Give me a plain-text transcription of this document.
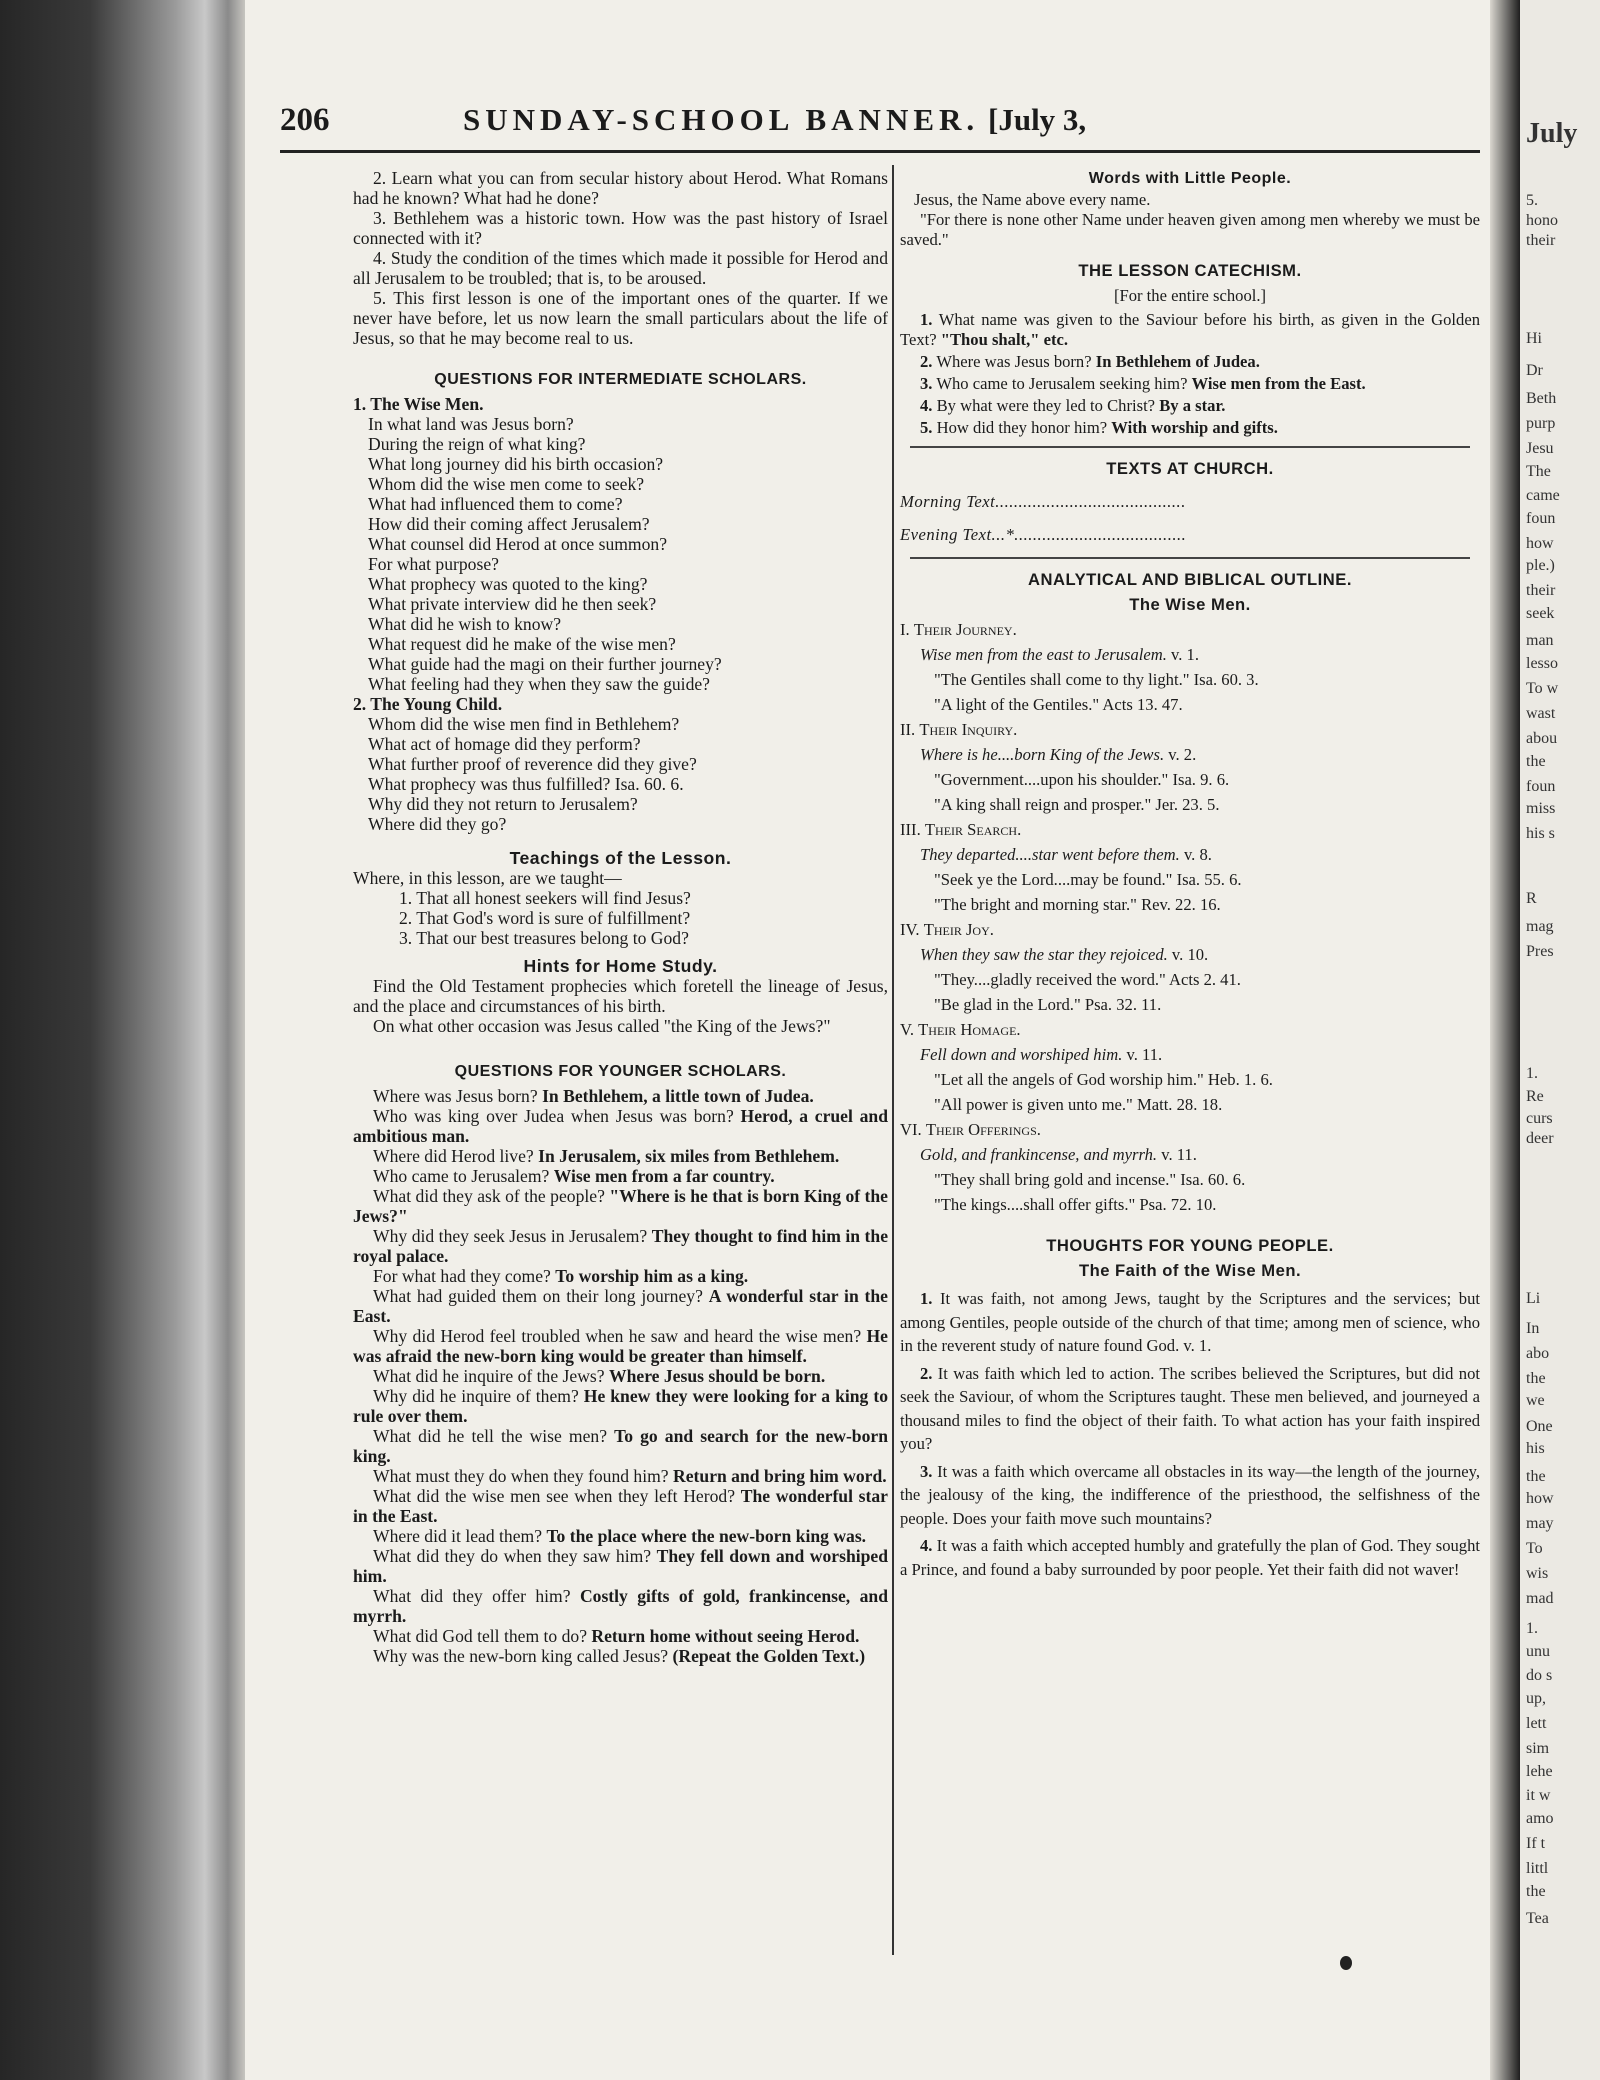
206	SUNDAY-SCHOOL BANNER. [July 3,

2. Learn what you can from secular history about Herod. What Romans had he known? What had he done?

3. Bethlehem was a historic town. How was the past history of Israel connected with it?

4. Study the condition of the times which made it possible for Herod and all Jerusalem to be troubled; that is, to be aroused.

5. This first lesson is one of the important ones of the quarter. If we never have before, let us now learn the small particulars about the life of Jesus, so that he may become real to us.

QUESTIONS FOR INTERMEDIATE SCHOLARS.

1. The Wise Men.

In what land was Jesus born?

During the reign of what king?

What long journey did his birth occasion?

Whom did the wise men come to seek?

What had influenced them to come?

How did their coming affect Jerusalem?

What counsel did Herod at once summon?

For what purpose?

What prophecy was quoted to the king?

What private interview did he then seek?

What did he wish to know?

What request did he make of the wise men?

What guide had the magi on their further journey?

What feeling had they when they saw the guide?

2. The Young Child.

Whom did the wise men find in Bethlehem?

What act of homage did they perform?

What further proof of reverence did they give?

What prophecy was thus fulfilled? Isa. 60. 6.

Why did they not return to Jerusalem?

Where did they go?

Teachings of the Lesson.

Where, in this lesson, are we taught—

1. That all honest seekers will find Jesus?

2. That God's word is sure of fulfillment?

3. That our best treasures belong to God?

Hints for Home Study.

Find the Old Testament prophecies which foretell the lineage of Jesus, and the place and circumstances of his birth.

On what other occasion was Jesus called "the King of the Jews?"

QUESTIONS FOR YOUNGER SCHOLARS.

Where was Jesus born? In Bethlehem, a little town of Judea.

Who was king over Judea when Jesus was born? Herod, a cruel and ambitious man.

Where did Herod live? In Jerusalem, six miles from Bethlehem.

Who came to Jerusalem? Wise men from a far country.

What did they ask of the people? "Where is he that is born King of the Jews?"

Why did they seek Jesus in Jerusalem? They thought to find him in the royal palace.

For what had they come? To worship him as a king.

What had guided them on their long journey? A wonderful star in the East.

Why did Herod feel troubled when he saw and heard the wise men? He was afraid the new-born king would be greater than himself.

What did he inquire of the Jews? Where Jesus should be born.

Why did he inquire of them? He knew they were looking for a king to rule over them.

What did he tell the wise men? To go and search for the new-born king.

What must they do when they found him? Return and bring him word.

What did the wise men see when they left Herod? The wonderful star in the East.

Where did it lead them? To the place where the new-born king was.

What did they do when they saw him? They fell down and worshiped him.

What did they offer him? Costly gifts of gold, frankincense, and myrrh.

What did God tell them to do? Return home without seeing Herod.

Why was the new-born king called Jesus? (Repeat the Golden Text.)

Words with Little People.

Jesus, the Name above every name.

"For there is none other Name under heaven given among men whereby we must be saved."

THE LESSON CATECHISM.

[For the entire school.]

1. What name was given to the Saviour before his birth, as given in the Golden Text? "Thou shalt," etc.

2. Where was Jesus born? In Bethlehem of Judea.

3. Who came to Jerusalem seeking him? Wise men from the East.

4. By what were they led to Christ? By a star.

5. How did they honor him? With worship and gifts.

TEXTS AT CHURCH.

Morning Text.........................................

Evening Text...*.....................................

ANALYTICAL AND BIBLICAL OUTLINE.

The Wise Men.

I. Their Journey.

Wise men from the east to Jerusalem. v. 1.

"The Gentiles shall come to thy light." Isa. 60. 3.

"A light of the Gentiles." Acts 13. 47.

II. Their Inquiry.

Where is he....born King of the Jews. v. 2.

"Government....upon his shoulder." Isa. 9. 6.

"A king shall reign and prosper." Jer. 23. 5.

III. Their Search.

They departed....star went before them. v. 8.

"Seek ye the Lord....may be found." Isa. 55. 6.

"The bright and morning star." Rev. 22. 16.

IV. Their Joy.

When they saw the star they rejoiced. v. 10.

"They....gladly received the word." Acts 2. 41.

"Be glad in the Lord." Psa. 32. 11.

V. Their Homage.

Fell down and worshiped him. v. 11.

"Let all the angels of God worship him." Heb. 1. 6.

"All power is given unto me." Matt. 28. 18.

VI. Their Offerings.

Gold, and frankincense, and myrrh. v. 11.

"They shall bring gold and incense." Isa. 60. 6.

"The kings....shall offer gifts." Psa. 72. 10.

THOUGHTS FOR YOUNG PEOPLE.

The Faith of the Wise Men.

1. It was faith, not among Jews, taught by the Scriptures and the services; but among Gentiles, people outside of the church of that time; among men of science, who in the reverent study of nature found God. v. 1.

2. It was faith which led to action. The scribes believed the Scriptures, but did not seek the Saviour, of whom the Scriptures taught. These men believed, and journeyed a thousand miles to find the object of their faith. To what action has your faith inspired you?

3. It was a faith which overcame all obstacles in its way—the length of the journey, the jealousy of the king, the indifference of the priesthood, the selfishness of the people. Does your faith move such mountains?

4. It was a faith which accepted humbly and gratefully the plan of God. They sought a Prince, and found a baby surrounded by poor people. Yet their faith did not waver!

July
5.
hono
their
Hi
Dr
Beth
purp
Jesu
The
came
foun
how
ple.)
their
seek
man
lesso
To w
wast
abou
the
foun
miss
his s
R
mag
Pres
1.
Re
curs
deer
Li
In
abo
the
we
One
his
the
how
may
To
wis
mad
1.
unu
do s
up,
lett
sim
lehe
it w
amo
If t
littl
the
Tea
